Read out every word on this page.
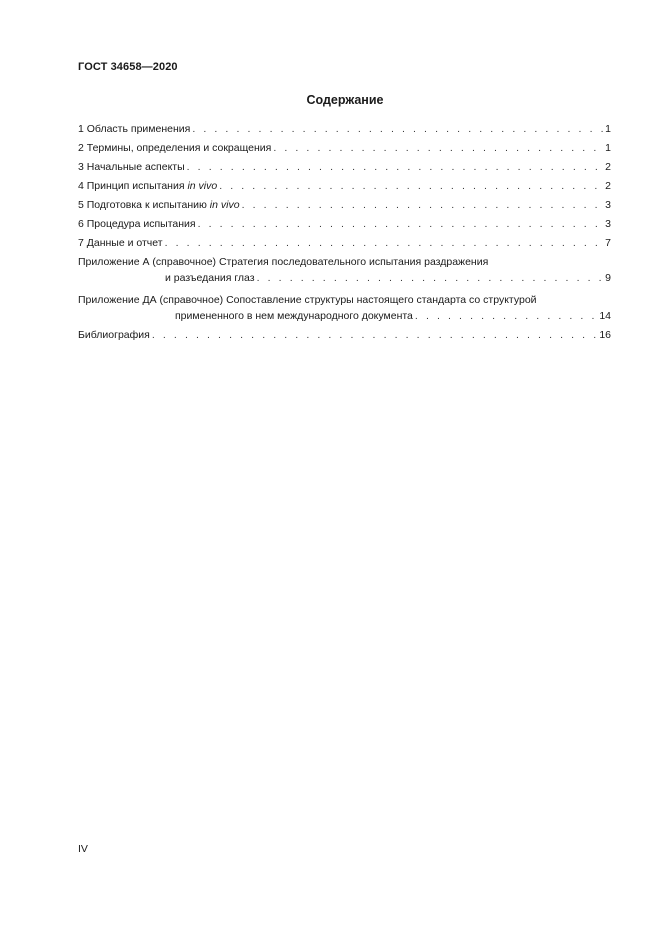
ГОСТ 34658—2020
Содержание
1 Область применения . . .	1
2 Термины, определения и сокращения . . .	1
3 Начальные аспекты . . .	2
4 Принцип испытания in vivo . . .	2
5 Подготовка к испытанию in vivo . . .	3
6 Процедура испытания . . .	3
7 Данные и отчет . . .	7
Приложение А (справочное) Стратегия последовательного испытания раздражения
и разъедания глаз . . .	9
Приложение ДА (справочное) Сопоставление структуры настоящего стандарта со структурой
примененного в нем международного документа . . .	14
Библиография . . .	16
IV
